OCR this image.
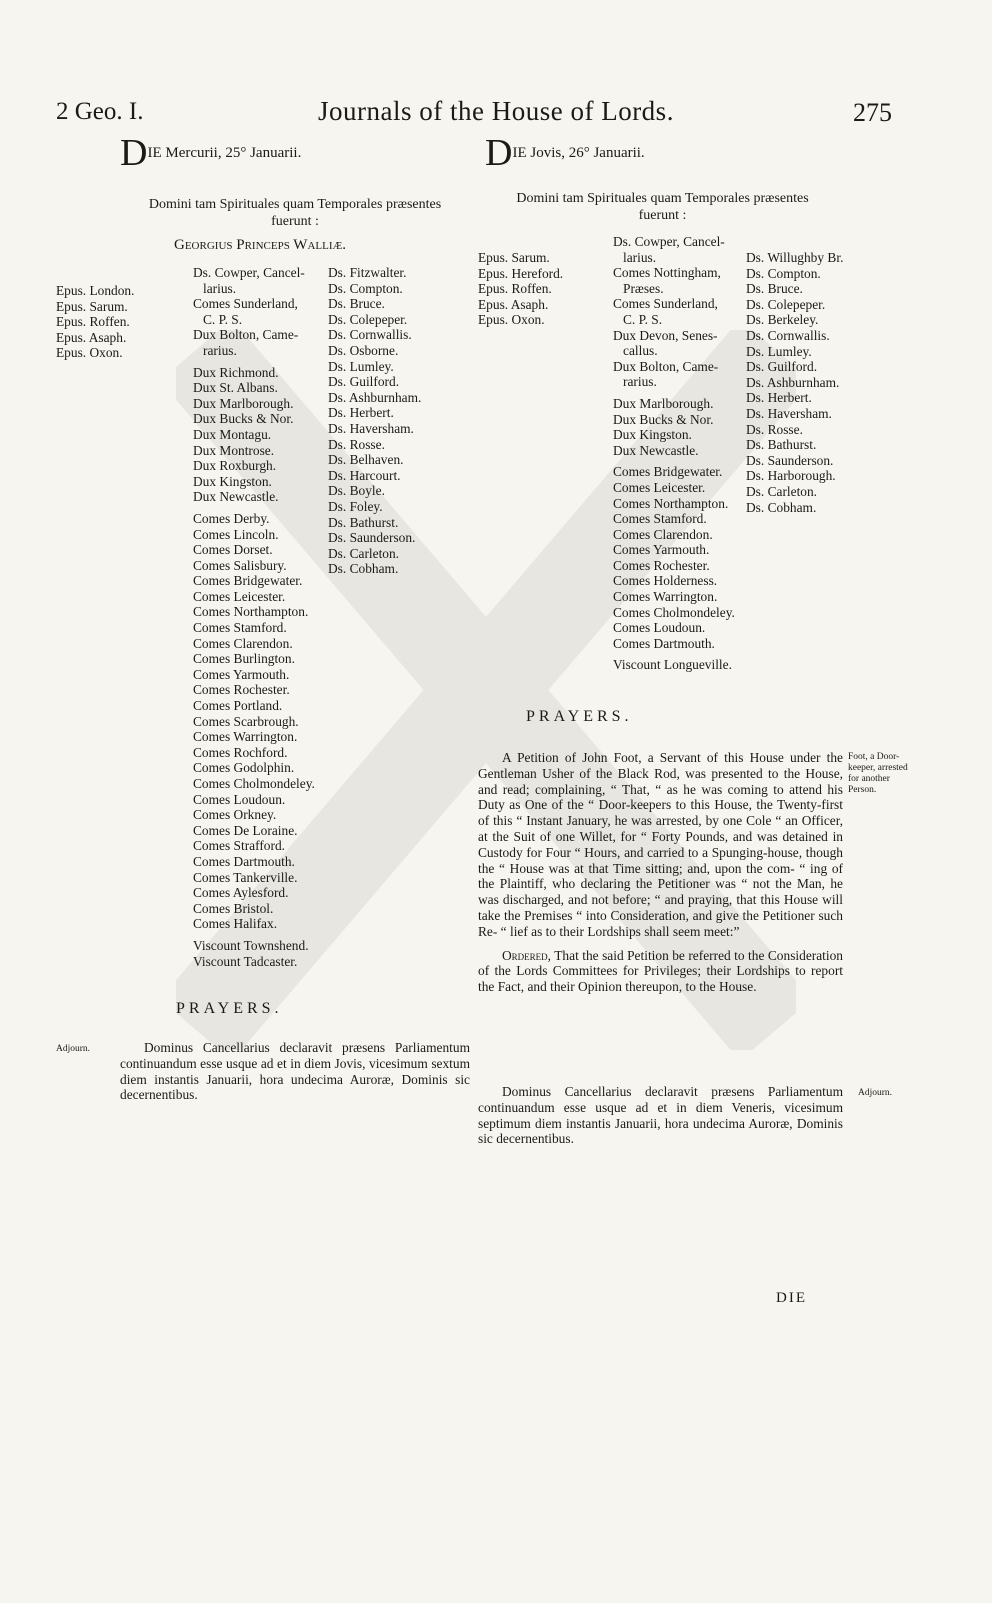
2 Geo. I.	Journals of the House of Lords.	275
DIE Mercurii, 25° Januarii.
Domini tam Spirituales quam Temporales præsentes
fuerunt :
Georgius Princeps Walliæ.
Epus. London.
Epus. Sarum.
Epus. Roffen.
Epus. Asaph.
Epus. Oxon.
Ds. Cowper, Cancel-
larius.
Comes Sunderland,
C. P. S.
Dux Bolton, Came-
rarius.
Dux Richmond.
Dux St. Albans.
Dux Marlborough.
Dux Bucks & Nor.
Dux Montagu.
Dux Montrose.
Dux Roxburgh.
Dux Kingston.
Dux Newcastle.
Comes Derby.
Comes Lincoln.
Comes Dorset.
Comes Salisbury.
Comes Bridgewater.
Comes Leicester.
Comes Northampton.
Comes Stamford.
Comes Clarendon.
Comes Burlington.
Comes Yarmouth.
Comes Rochester.
Comes Portland.
Comes Scarbrough.
Comes Warrington.
Comes Rochford.
Comes Godolphin.
Comes Cholmondeley.
Comes Loudoun.
Comes Orkney.
Comes De Loraine.
Comes Strafford.
Comes Dartmouth.
Comes Tankerville.
Comes Aylesford.
Comes Bristol.
Comes Halifax.
Viscount Townshend.
Viscount Tadcaster.
Ds. Fitzwalter.
Ds. Compton.
Ds. Bruce.
Ds. Colepeper.
Ds. Cornwallis.
Ds. Osborne.
Ds. Lumley.
Ds. Guilford.
Ds. Ashburnham.
Ds. Herbert.
Ds. Haversham.
Ds. Rosse.
Ds. Belhaven.
Ds. Harcourt.
Ds. Boyle.
Ds. Foley.
Ds. Bathurst.
Ds. Saunderson.
Ds. Carleton.
Ds. Cobham.
PRAYERS.
Adjourn.	Dominus Cancellarius declaravit præsens Parliamentum continuandum esse usque ad et in diem Jovis, vicesimum sextum diem instantis Januarii, hora undecima Auroræ, Dominis sic decernentibus.
DIE Jovis, 26° Januarii.
Domini tam Spirituales quam Temporales præsentes
fuerunt :
Epus. Sarum.
Epus. Hereford.
Epus. Roffen.
Epus. Asaph.
Epus. Oxon.
Ds. Cowper, Cancel-
larius.
Comes Nottingham,
Præses.
Comes Sunderland,
C. P. S.
Dux Devon, Senes-
callus.
Dux Bolton, Came-
rarius.
Dux Marlborough.
Dux Bucks & Nor.
Dux Kingston.
Dux Newcastle.
Comes Bridgewater.
Comes Leicester.
Comes Northampton.
Comes Stamford.
Comes Clarendon.
Comes Yarmouth.
Comes Rochester.
Comes Holderness.
Comes Warrington.
Comes Cholmondeley.
Comes Loudoun.
Comes Dartmouth.
Viscount Longueville.
Ds. Willughby Br.
Ds. Compton.
Ds. Bruce.
Ds. Colepeper.
Ds. Berkeley.
Ds. Cornwallis.
Ds. Lumley.
Ds. Guilford.
Ds. Ashburnham.
Ds. Herbert.
Ds. Haversham.
Ds. Rosse.
Ds. Bathurst.
Ds. Saunderson.
Ds. Harborough.
Ds. Carleton.
Ds. Cobham.
PRAYERS.
Foot, a Door-keeper, arrested for another Person.

A Petition of John Foot, a Servant of this House under the Gentleman Usher of the Black Rod, was presented to the House, and read; complaining, “ That, “ as he was coming to attend his Duty as One of the “ Door-keepers to this House, the Twenty-first of this “ Instant January, he was arrested, by one Cole “ an Officer, at the Suit of one Willet, for “ Forty Pounds, and was detained in Custody for Four “ Hours, and carried to a Spunging-house, though the “ House was at that Time sitting; and, upon the com- “ ing of the Plaintiff, who declaring the Petitioner was “ not the Man, he was discharged, and not before; “ and praying, that this House will take the Premises “ into Consideration, and give the Petitioner such Re- “ lief as to their Lordships shall seem meet:”

Ordered, That the said Petition be referred to the Consideration of the Lords Committees for Privileges; their Lordships to report the Fact, and their Opinion thereupon, to the House.

Adjourn.
Dominus Cancellarius declaravit præsens Parliamentum continuandum esse usque ad et in diem Veneris, vicesimum septimum diem instantis Januarii, hora undecima Auroræ, Dominis sic decernentibus.
DIE
